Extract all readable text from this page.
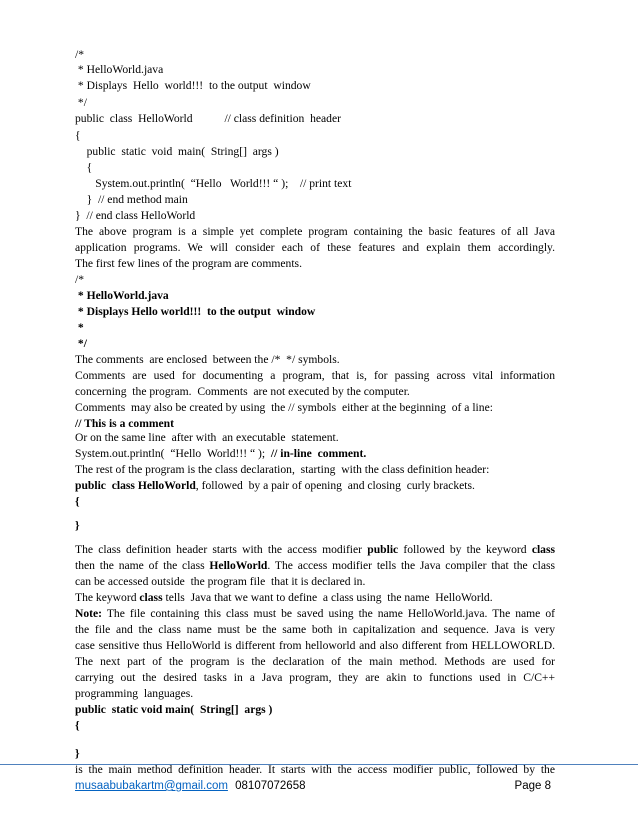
/*
* HelloWorld.java
* Displays  Hello  world!!!  to the output  window
*/
public  class  HelloWorld           // class definition  header
{
public  static  void  main(  String[]  args )
{
System.out.println(  “Hello   World!!! “ );    // print text
}  // end method main
}  // end class HelloWorld
The above program is a simple yet complete program containing the basic features of all Java
application programs. We will consider each of these features and explain them accordingly.
The first few lines of the program are comments.
/*
* HelloWorld.java
* Displays Hello world!!!  to the output  window
*
*/
The comments  are enclosed  between the /*  */ symbols.
Comments are used for documenting a program, that is, for passing across vital information
concerning  the program.  Comments  are not executed by the computer.
Comments  may also be created by using  the // symbols  either at the beginning  of a line:
// This is a comment
Or on the same line  after with  an executable  statement.
System.out.println(  “Hello  World!!! “ );  // in-line  comment.
The rest of the program is the class declaration,  starting  with the class definition header:
public  class HelloWorld, followed  by a pair of opening  and closing  curly brackets.
{
}
The class definition header starts with the access modifier public followed by the keyword class
then the name of the class HelloWorld. The access modifier tells the Java compiler that the class
can be accessed outside  the program file  that it is declared in.
The keyword class tells  Java that we want to define  a class using  the name  HelloWorld.
Note: The file containing this class must be saved using the name HelloWorld.java. The name of
the file and the class name must be the same both in capitalization and sequence. Java is very
case sensitive thus HelloWorld is different from helloworld and also different from HELLOWORLD.
The next part of the program is the declaration of the main method. Methods are used for
carrying out the desired tasks in a Java program, they are akin to functions used in C/C++
programming  languages.
public  static void main(  String[]  args )
{
}
is the main method definition header. It starts with the access modifier public, followed by the
musaabubakartm@gmail.com 08107072658	Page 8
